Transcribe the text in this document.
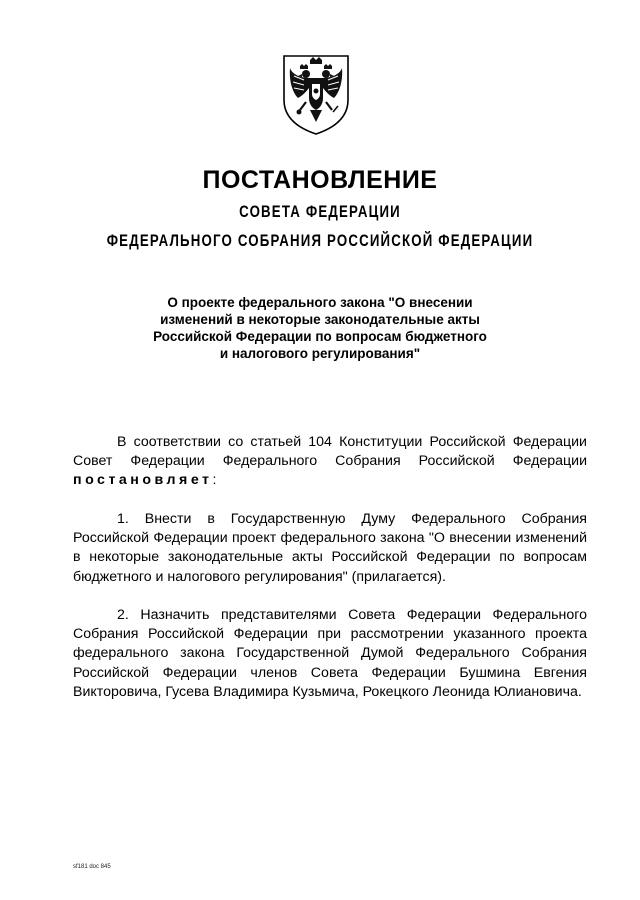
ПОСТАНОВЛЕНИЕ
СОВЕТА ФЕДЕРАЦИИ
ФЕДЕРАЛЬНОГО СОБРАНИЯ РОССИЙСКОЙ ФЕДЕРАЦИИ
О проекте федерального закона "О внесении
изменений в некоторые законодательные акты
Российской Федерации по вопросам бюджетного
и налогового регулирования"

В соответствии со статьей 104 Конституции Российской Федерации Совет Федерации Федерального Собрания Российской Федерации постановляет:

1. Внести в Государственную Думу Федерального Собрания Российской Федерации проект федерального закона "О внесении изменений в некоторые законодательные акты Российской Федерации по вопросам бюджетного и налогового регулирования" (прилагается).

2. Назначить представителями Совета Федерации Федерального Собрания Российской Федерации при рассмотрении указанного проекта федерального закона Государственной Думой Федерального Собрания Российской Федерации членов Совета Федерации Бушмина Евгения Викторовича, Гусева Владимира Кузьмича, Рокецкого Леонида Юлиановича.

sf181 doc 845
